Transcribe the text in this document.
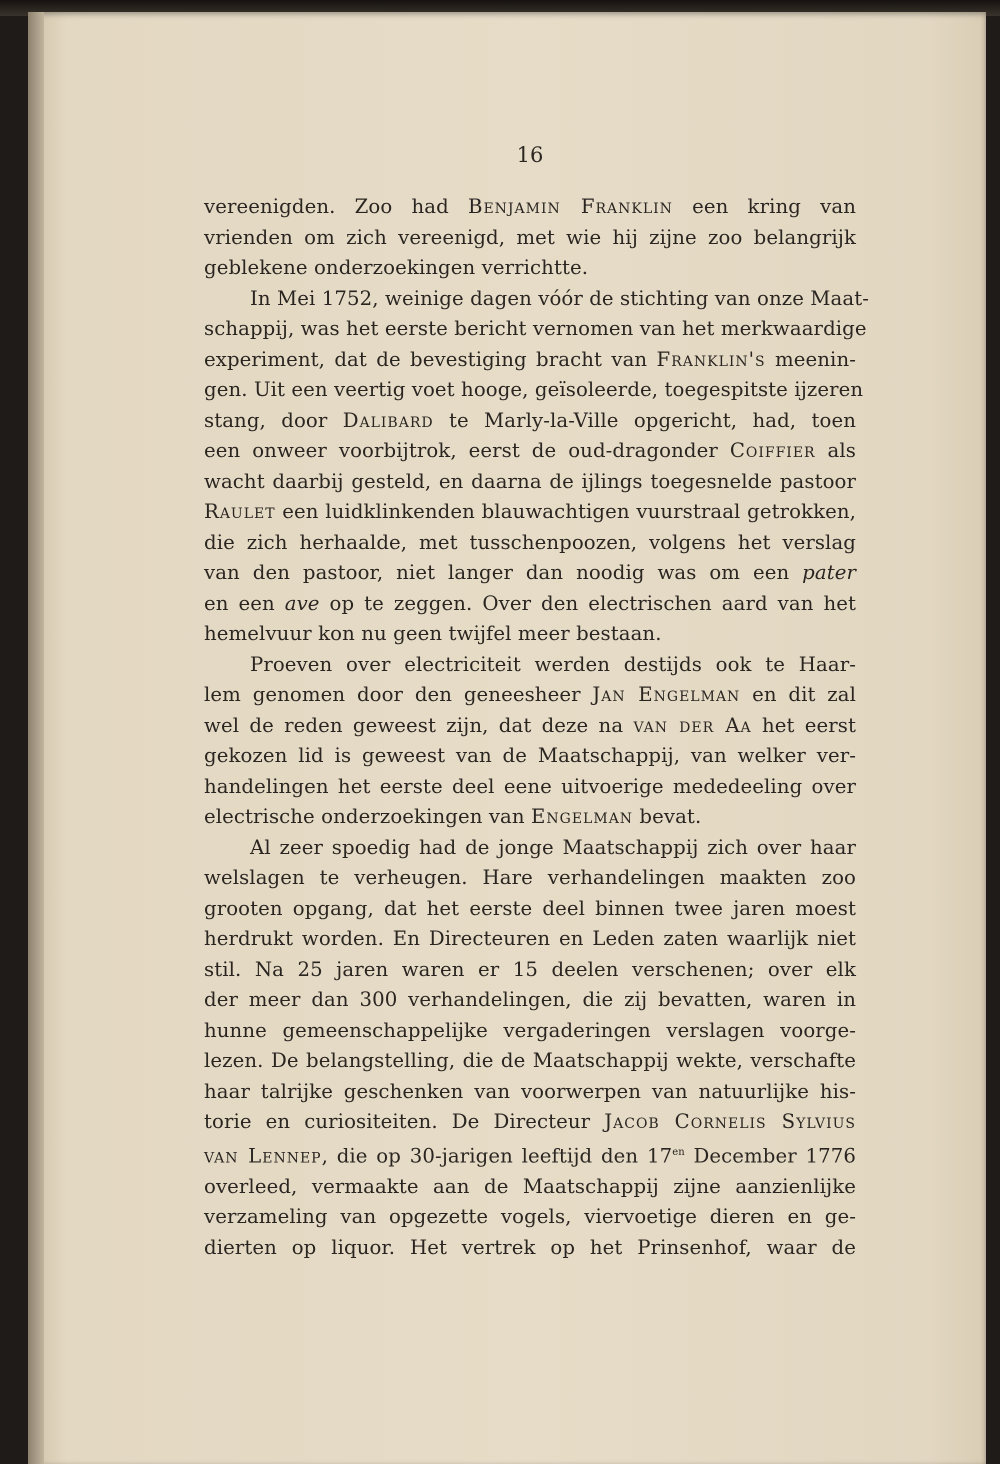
16
vereenigden. Zoo had Benjamin Franklin een kring van
vrienden om zich vereenigd, met wie hij zijne zoo belangrijk
geblekene onderzoekingen verrichtte.
In Mei 1752, weinige dagen vóór de stichting van onze Maat-
schappij, was het eerste bericht vernomen van het merkwaardige
experiment, dat de bevestiging bracht van Franklin's meenin-
gen. Uit een veertig voet hooge, geïsoleerde, toegespitste ijzeren
stang, door Dalibard te Marly-la-Ville opgericht, had, toen
een onweer voorbijtrok, eerst de oud-dragonder Coiffier als
wacht daarbij gesteld, en daarna de ijlings toegesnelde pastoor
Raulet een luidklinkenden blauwachtigen vuurstraal getrokken,
die zich herhaalde, met tusschenpoozen, volgens het verslag
van den pastoor, niet langer dan noodig was om een pater
en een ave op te zeggen. Over den electrischen aard van het
hemelvuur kon nu geen twijfel meer bestaan.
Proeven over electriciteit werden destijds ook te Haar-
lem genomen door den geneesheer Jan Engelman en dit zal
wel de reden geweest zijn, dat deze na van der Aa het eerst
gekozen lid is geweest van de Maatschappij, van welker ver-
handelingen het eerste deel eene uitvoerige mededeeling over
electrische onderzoekingen van Engelman bevat.
Al zeer spoedig had de jonge Maatschappij zich over haar
welslagen te verheugen. Hare verhandelingen maakten zoo
grooten opgang, dat het eerste deel binnen twee jaren moest
herdrukt worden. En Directeuren en Leden zaten waarlijk niet
stil. Na 25 jaren waren er 15 deelen verschenen; over elk
der meer dan 300 verhandelingen, die zij bevatten, waren in
hunne gemeenschappelijke vergaderingen verslagen voorge-
lezen. De belangstelling, die de Maatschappij wekte, verschafte
haar talrijke geschenken van voorwerpen van natuurlijke his-
torie en curiositeiten. De Directeur Jacob Cornelis Sylvius
van Lennep, die op 30-jarigen leeftijd den $17^{en}$ December 1776
overleed, vermaakte aan de Maatschappij zijne aanzienlijke
verzameling van opgezette vogels, viervoetige dieren en ge-
dierten op liquor. Het vertrek op het Prinsenhof, waar de
